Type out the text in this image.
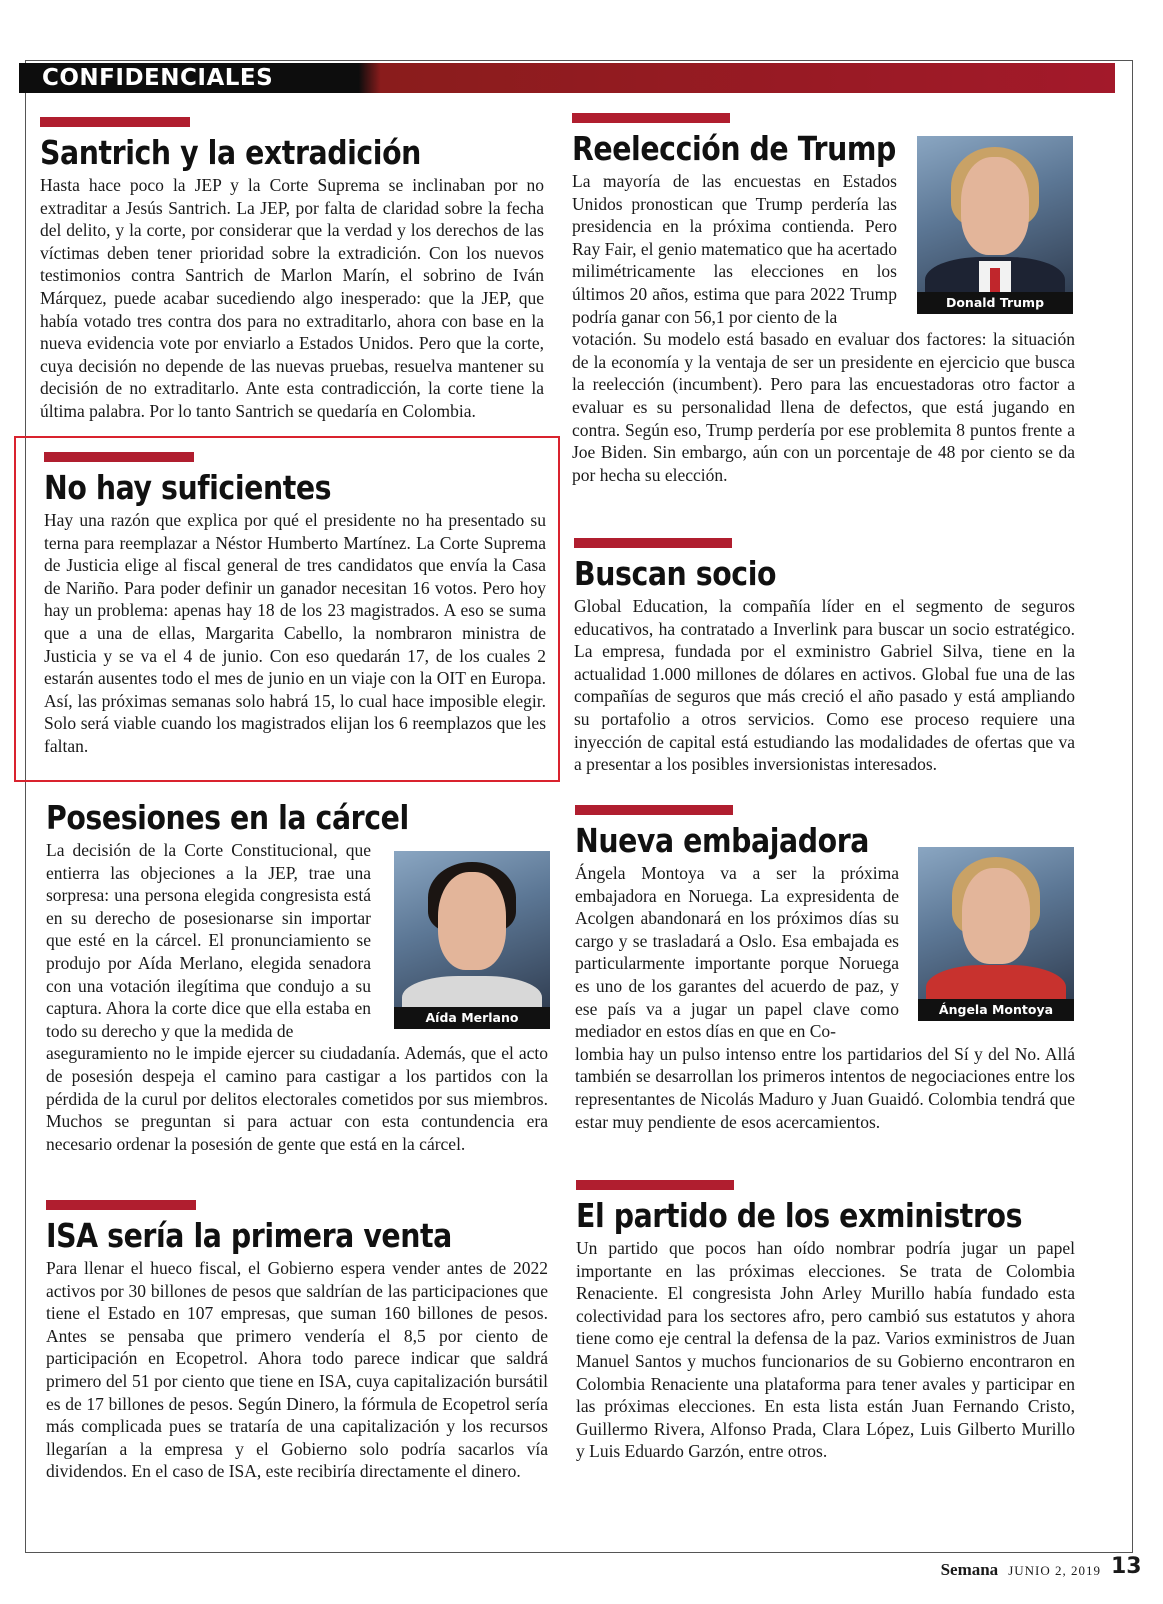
CONFIDENCIALES
Santrich y la extradición

Hasta hace poco la JEP y la Corte Suprema se inclinaban por no extraditar a Jesús Santrich. La JEP, por falta de claridad sobre la fecha del delito, y la corte, por considerar que la verdad y los derechos de las víctimas deben tener prioridad sobre la extradición. Con los nuevos testimonios contra Santrich de Marlon Marín, el sobrino de Iván Márquez, puede acabar sucediendo algo inesperado: que la JEP, que había votado tres contra dos para no extraditarlo, ahora con base en la nueva evidencia vote por enviarlo a Estados Unidos. Pero que la corte, cuya decisión no depende de las nuevas pruebas, resuelva mantener su decisión de no extraditarlo. Ante esta contradicción, la corte tiene la última palabra. Por lo tanto Santrich se quedaría en Colombia.

No hay suficientes

Hay una razón que explica por qué el presidente no ha presentado su terna para reemplazar a Néstor Humberto Martínez. La Corte Suprema de Justicia elige al fiscal general de tres candidatos que envía la Casa de Nariño. Para poder definir un ganador necesitan 16 votos. Pero hoy hay un problema: apenas hay 18 de los 23 magistrados. A eso se suma que a una de ellas, Margarita Cabello, la nombraron ministra de Justicia y se va el 4 de junio. Con eso quedarán 17, de los cuales 2 estarán ausentes todo el mes de junio en un viaje con la OIT en Europa. Así, las próximas semanas solo habrá 15, lo cual hace imposible elegir. Solo será viable cuando los magistrados elijan los 6 reemplazos que les faltan.

Posesiones en la cárcel

La decisión de la Corte Constitucional, que entierra las objeciones a la JEP, trae una sorpresa: una persona elegida congresista está en su derecho de posesionarse sin importar que esté en la cárcel. El pronunciamiento se produjo por Aída Merlano, elegida senadora con una votación ilegítima que condujo a su captura. Ahora la corte dice que ella estaba en todo su derecho y que la medida de

aseguramiento no le impide ejercer su ciudadanía. Además, que el acto de posesión despeja el camino para castigar a los partidos con la pérdida de la curul por delitos electorales cometidos por sus miembros. Muchos se preguntan si para actuar con esta contundencia era necesario ordenar la posesión de gente que está en la cárcel.

Aída Merlano
ISA sería la primera venta

Para llenar el hueco fiscal, el Gobierno espera vender antes de 2022 activos por 30 billones de pesos que saldrían de las participaciones que tiene el Estado en 107 empresas, que suman 160 billones de pesos. Antes se pensaba que primero vendería el 8,5 por ciento de participación en Ecopetrol. Ahora todo parece indicar que saldrá primero del 51 por ciento que tiene en ISA, cuya capitalización bursátil es de 17 billones de pesos. Según Dinero, la fórmula de Ecopetrol sería más complicada pues se trataría de una capitalización y los recursos llegarían a la empresa y el Gobierno solo podría sacarlos vía dividendos. En el caso de ISA, este recibiría directamente el dinero.

Reelección de Trump

La mayoría de las encuestas en Estados Unidos pronostican que Trump perdería las presidencia en la próxima contienda. Pero Ray Fair, el genio matematico que ha acertado milimétricamente las elecciones en los últimos 20 años, estima que para 2022 Trump podría ganar con 56,1 por ciento de la

votación. Su modelo está basado en evaluar dos factores: la situación de la economía y la ventaja de ser un presidente en ejercicio que busca la reelección (incumbent). Pero para las encuestadoras otro factor a evaluar es su personalidad llena de defectos, que está jugando en contra. Según eso, Trump perdería por ese problemita 8 puntos frente a Joe Biden. Sin embargo, aún con un porcentaje de 48 por ciento se da por hecha su elección.

Donald Trump
Buscan socio

Global Education, la compañía líder en el segmento de seguros educativos, ha contratado a Inverlink para buscar un socio estratégico. La empresa, fundada por el exministro Gabriel Silva, tiene en la actualidad 1.000 millones de dólares en activos. Global fue una de las compañías de seguros que más creció el año pasado y está ampliando su portafolio a otros servicios. Como ese proceso requiere una inyección de capital está estudiando las modalidades de ofertas que va a presentar a los posibles inversionistas interesados.

Nueva embajadora

Ángela Montoya va a ser la próxima embajadora en Noruega. La expresidenta de Acolgen abandonará en los próximos días su cargo y se trasladará a Oslo. Esa embajada es particularmente importante porque Noruega es uno de los garantes del acuerdo de paz, y ese país va a jugar un papel clave como mediador en estos días en que en Co-

lombia hay un pulso intenso entre los partidarios del Sí y del No. Allá también se desarrollan los primeros intentos de negociaciones entre los representantes de Nicolás Maduro y Juan Guaidó. Colombia tendrá que estar muy pendiente de esos acercamientos.

Ángela Montoya
El partido de los exministros

Un partido que pocos han oído nombrar podría jugar un papel importante en las próximas elecciones. Se trata de Colombia Renaciente. El congresista John Arley Murillo había fundado esta colectividad para los sectores afro, pero cambió sus estatutos y ahora tiene como eje central la defensa de la paz. Varios exministros de Juan Manuel Santos y muchos funcionarios de su Gobierno encontraron en Colombia Renaciente una plataforma para tener avales y participar en las próximas elecciones. En esta lista están Juan Fernando Cristo, Guillermo Rivera, Alfonso Prada, Clara López, Luis Gilberto Murillo y Luis Eduardo Garzón, entre otros.

Semana JUNIO 2, 2019 13
